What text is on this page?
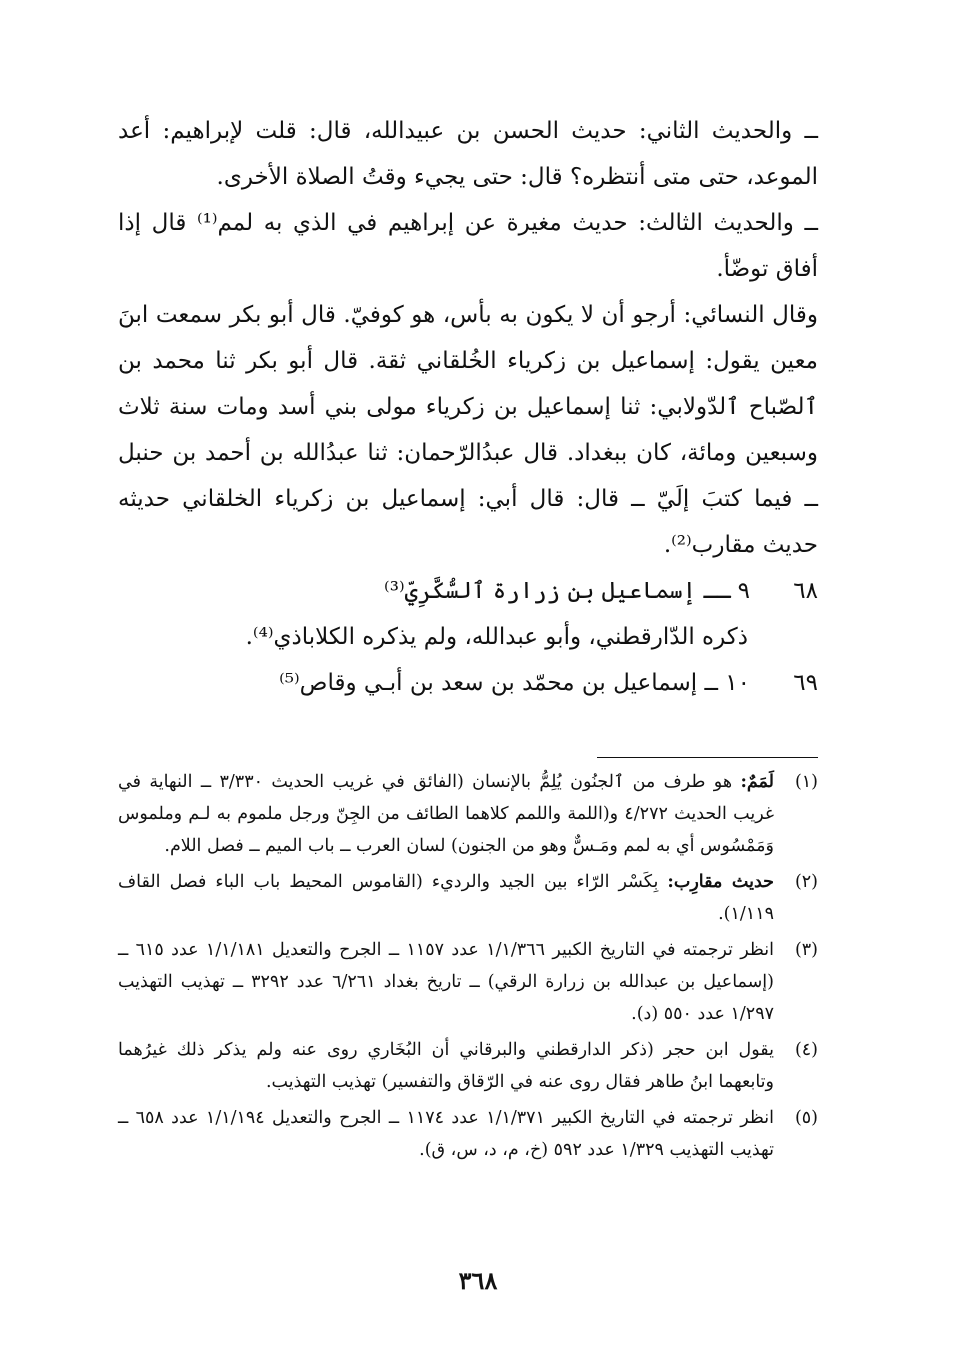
ــ والحديث الثاني: حديث الحسن بن عبيدالله، قال: قلت لإبراهيم: أعد الموعد، حتى متى أنتظره؟ قال: حتى يجيء وقتُ الصلاة الأخرى.

ــ والحديث الثالث: حديث مغيرة عن إبراهيم في الذي به لمم⁽¹⁾ قال إذا أفاق توضّأ.

وقال النسائي: أرجو أن لا يكون به بأس، هو كوفيّ. قال أبو بكر سمعت ابنَ معين يقول: إسماعيل بن زكرياء الخُلقاني ثقة. قال أبو بكر ثنا محمد بن ٱلصّباح ٱلدّولابي: ثنا إسماعيل بن زكرياء مولى بني أسد ومات سنة ثلاث وسبعين ومائة، كان ببغداد. قال عبدُالرّحمان: ثنا عبدُالله بن أحمد بن حنبل ــ فيما كتبَ إلَيّ ــ قال: قال أبي: إسماعيل بن زكرياء الخلقاني حديثه حديث مقارب⁽²⁾.

٦٨٩ ــ إسماعيل بن زرارة ٱلسُّكَّرِيّ⁽³⁾

ذكره الدّارقطني، وأبو عبدالله، ولم يذكره الكلاباذي⁽⁴⁾.

٦٩١٠ ــ إسماعيل بن محمّد بن سعد بن أبـي وقاص⁽⁵⁾

(١)
لَمَمٌ: هو طرف من ٱلجنُون يُلِمُّ بالإنسان (الفائق في غريب الحديث ٣/٣٣٠ ــ النهاية في غريب الحديث ٤/٢٧٢ و(اللمة واللمم كلاهما الطائف من الجِنّ ورجل ملموم به لـم وملموس وَمَمْسُوس أي به لمم ومَـسٌّ وهو من الجنون) لسان العرب ــ باب الميم ــ فصل اللام.
(٢)
حديث مقارِب: بِكَسْر الرّاء بين الجيد والرديء (القاموس المحيط باب الباء فصل القاف ١/١١٩).
(٣)
انظر ترجمته في التاريخ الكبير ١/١/٣٦٦ عدد ١١٥٧ ــ الجرح والتعديل ١/١/١٨١ عدد ٦١٥ ــ (إسماعيل بن عبدالله بن زرارة الرقي) ــ تاريخ بغداد ٦/٢٦١ عدد ٣٢٩٢ ــ تهذيب التهذيب ١/٢٩٧ عدد ٥٥٠ (د).
(٤)
يقول ابن حجر (ذكر الدارقطني والبرقاني أن البُخَاري روى عنه ولم يذكر ذلك غيرُهما وتابعهما ابنُ طاهر فقال روى عنه في الرّقاق والتفسير) تهذيب التهذيب.
(٥)
انظر ترجمته في التاريخ الكبير ١/١/٣٧١ عدد ١١٧٤ ــ الجرح والتعديل ١/١/١٩٤ عدد ٦٥٨ ــ تهذيب التهذيب ١/٣٢٩ عدد ٥٩٢ (خ، م، د، س، ق).
٣٦٨
